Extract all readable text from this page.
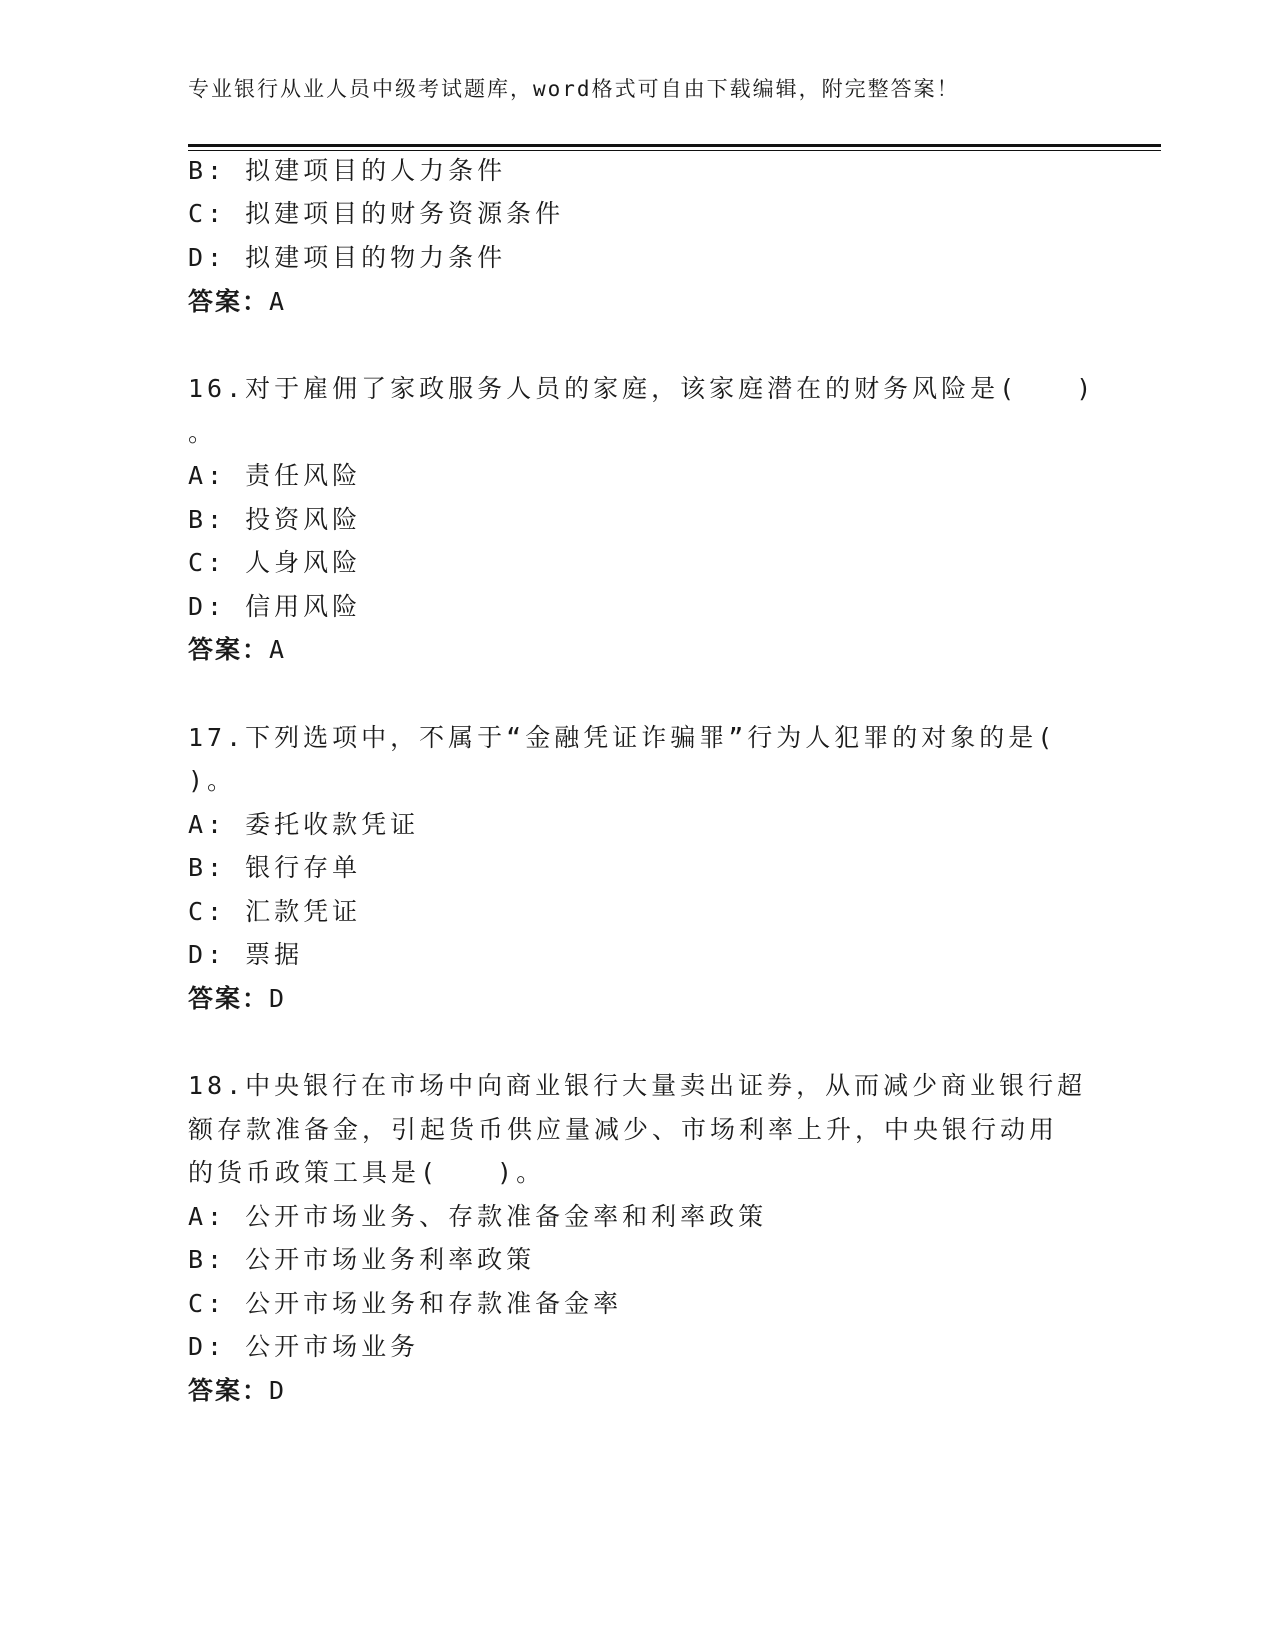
专业银行从业人员中级考试题库，word格式可自由下载编辑，附完整答案！
B: 拟建项目的人力条件
C: 拟建项目的财务资源条件
D: 拟建项目的物力条件
答案：A
16.对于雇佣了家政服务人员的家庭，该家庭潜在的财务风险是(　　)
。
A: 责任风险
B: 投资风险
C: 人身风险
D: 信用风险
答案：A
17.下列选项中，不属于“金融凭证诈骗罪”行为人犯罪的对象的是(
)。
A: 委托收款凭证
B: 银行存单
C: 汇款凭证
D: 票据
答案：D
18.中央银行在市场中向商业银行大量卖出证券，从而减少商业银行超
额存款准备金，引起货币供应量减少、市场利率上升，中央银行动用
的货币政策工具是(　　)。
A: 公开市场业务、存款准备金率和利率政策
B: 公开市场业务利率政策
C: 公开市场业务和存款准备金率
D: 公开市场业务
答案：D
